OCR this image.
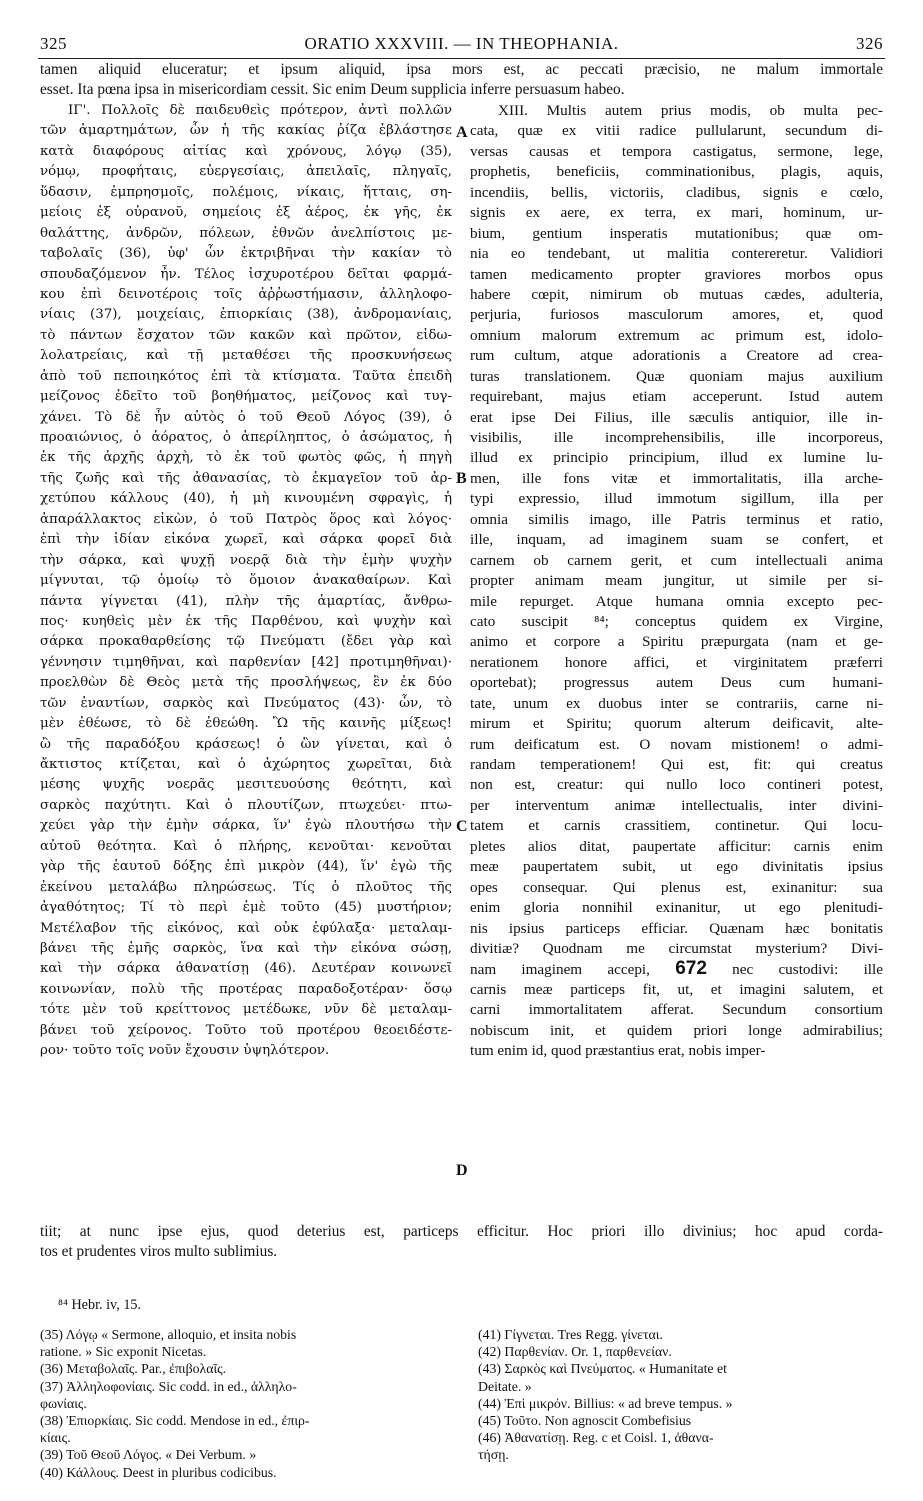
325	ORATIO XXXVIII. — IN THEOPHANIA.	326
tamen aliquid eluceratur; et ipsum aliquid, ipsa mors est, ac peccati præcisio, ne malum immortale
esset. Ita pœna ipsa in misericordiam cessit. Sic enim Deum supplicia inferre persuasum habeo.
ΙΓ'. Πολλοῖς δὲ παιδευθεὶς πρότερον, ἀντὶ πολλῶν
τῶν ἁμαρτημάτων, ὧν ἡ τῆς κακίας ῥίζα ἐβλάστησε
κατὰ διαφόρους αἰτίας καὶ χρόνους, λόγῳ (35),
νόμῳ, προφήταις, εὐεργεσίαις, ἀπειλαῖς, πληγαῖς,
ὕδασιν, ἐμπρησμοῖς, πολέμοις, νίκαις, ἥτταις, ση-
μείοις ἐξ οὐρανοῦ, σημείοις ἐξ ἀέρος, ἐκ γῆς, ἐκ
θαλάττης, ἀνδρῶν, πόλεων, ἐθνῶν ἀνελπίστοις με-
ταβολαῖς (36), ὑφ' ὧν ἐκτριβῆναι τὴν κακίαν τὸ
σπουδαζόμενον ἦν. Τέλος ἰσχυροτέρου δεῖται φαρμά-
κου ἐπὶ δεινοτέροις τοῖς ἀῤῥωστήμασιν, ἀλληλοφο-
νίαις (37), μοιχείαις, ἐπιορκίαις (38), ἀνδρομανίαις,
τὸ πάντων ἔσχατον τῶν κακῶν καὶ πρῶτον, εἰδω-
λολατρείαις, καὶ τῇ μεταθέσει τῆς προσκυνήσεως
ἀπὸ τοῦ πεποιηκότος ἐπὶ τὰ κτίσματα. Ταῦτα ἐπειδὴ
μείζονος ἐδεῖτο τοῦ βοηθήματος, μείζονος καὶ τυγ-
χάνει. Τὸ δὲ ἦν αὐτὸς ὁ τοῦ Θεοῦ Λόγος (39), ὁ
προαιώνιος, ὁ ἀόρατος, ὁ ἀπερίληπτος, ὁ ἀσώματος, ἡ
ἐκ τῆς ἀρχῆς ἀρχὴ, τὸ ἐκ τοῦ φωτὸς φῶς, ἡ πηγὴ
τῆς ζωῆς καὶ τῆς ἀθανασίας, τὸ ἐκμαγεῖον τοῦ ἀρ-
χετύπου κάλλους (40), ἡ μὴ κινουμένη σφραγὶς, ἡ
ἀπαράλλακτος εἰκὼν, ὁ τοῦ Πατρὸς ὅρος καὶ λόγος·
ἐπὶ τὴν ἰδίαν εἰκόνα χωρεῖ, καὶ σάρκα φορεῖ διὰ
τὴν σάρκα, καὶ ψυχῇ νοερᾷ διὰ τὴν ἐμὴν ψυχὴν
μίγνυται, τῷ ὁμοίῳ τὸ ὅμοιον ἀνακαθαίρων. Καὶ
πάντα γίγνεται (41), πλὴν τῆς ἁμαρτίας, ἄνθρω-
πος· κυηθεὶς μὲν ἐκ τῆς Παρθένου, καὶ ψυχὴν καὶ
σάρκα προκαθαρθείσης τῷ Πνεύματι (ἔδει γὰρ καὶ
γέννησιν τιμηθῆναι, καὶ παρθενίαν [42] προτιμηθῆναι)·
προελθὼν δὲ Θεὸς μετὰ τῆς προσλήψεως, ἓν ἐκ δύο
τῶν ἐναντίων, σαρκὸς καὶ Πνεύματος (43)· ὧν, τὸ
μὲν ἐθέωσε, τὸ δὲ ἐθεώθη. Ὢ τῆς καινῆς μίξεως!
ὢ τῆς παραδόξου κράσεως! ὁ ὢν γίνεται, καὶ ὁ
ἄκτιστος κτίζεται, καὶ ὁ ἀχώρητος χωρεῖται, διὰ
μέσης ψυχῆς νοερᾶς μεσιτευούσης θεότητι, καὶ
σαρκὸς παχύτητι. Καὶ ὁ πλουτίζων, πτωχεύει· πτω-
χεύει γὰρ τὴν ἐμὴν σάρκα, ἵν' ἐγὼ πλουτήσω τὴν
αὐτοῦ θεότητα. Καὶ ὁ πλήρης, κενοῦται· κενοῦται
γὰρ τῆς ἑαυτοῦ δόξης ἐπὶ μικρὸν (44), ἵν' ἐγὼ τῆς
ἐκείνου μεταλάβω πληρώσεως. Τίς ὁ πλοῦτος τῆς
ἀγαθότητος; Τί τὸ περὶ ἐμὲ τοῦτο (45) μυστήριον;
Μετέλαβον τῆς εἰκόνος, καὶ οὐκ ἐφύλαξα· μεταλαμ-
βάνει τῆς ἐμῆς σαρκὸς, ἵνα καὶ τὴν εἰκόνα σώσῃ,
καὶ τὴν σάρκα ἀθανατίσῃ (46). Δευτέραν κοινωνεῖ
κοινωνίαν, πολὺ τῆς προτέρας παραδοξοτέραν· ὅσῳ
τότε μὲν τοῦ κρείττονος μετέδωκε, νῦν δὲ μεταλαμ-
βάνει τοῦ χείρονος. Τοῦτο τοῦ προτέρου θεοειδέστε-
ρον· τοῦτο τοῖς νοῦν ἔχουσιν ὑψηλότερον.
XIII. Multis autem prius modis, ob multa pec-
cata, quæ ex vitii radice pullularunt, secundum di-
versas causas et tempora castigatus, sermone, lege,
prophetis, beneficiis, comminationibus, plagis, aquis,
incendiis, bellis, victoriis, cladibus, signis e cœlo,
signis ex aere, ex terra, ex mari, hominum, ur-
bium, gentium insperatis mutationibus; quæ om-
nia eo tendebant, ut malitia contereretur. Validiori
tamen medicamento propter graviores morbos opus
habere cœpit, nimirum ob mutuas cædes, adulteria,
perjuria, furiosos masculorum amores, et, quod
omnium malorum extremum ac primum est, idolo-
rum cultum, atque adorationis a Creatore ad crea-
turas translationem. Quæ quoniam majus auxilium
requirebant, majus etiam acceperunt. Istud autem
erat ipse Dei Filius, ille sæculis antiquior, ille in-
visibilis, ille incomprehensibilis, ille incorporeus,
illud ex principio principium, illud ex lumine lu-
men, ille fons vitæ et immortalitatis, illa arche-
typi expressio, illud immotum sigillum, illa per
omnia similis imago, ille Patris terminus et ratio,
ille, inquam, ad imaginem suam se confert, et
carnem ob carnem gerit, et cum intellectuali anima
propter animam meam jungitur, ut simile per si-
mile repurget. Atque humana omnia excepto pec-
cato suscipit ⁸⁴; conceptus quidem ex Virgine,
animo et corpore a Spiritu præpurgata (nam et ge-
nerationem honore affici, et virginitatem præferri
oportebat); progressus autem Deus cum humani-
tate, unum ex duobus inter se contrariis, carne ni-
mirum et Spiritu; quorum alterum deificavit, alte-
rum deificatum est. O novam mistionem! o admi-
randam temperationem! Qui est, fit: qui creatus
non est, creatur: qui nullo loco contineri potest,
per interventum animæ intellectualis, inter divini-
tatem et carnis crassitiem, continetur. Qui locu-
pletes alios ditat, paupertate afficitur: carnis enim
meæ paupertatem subit, ut ego divinitatis ipsius
opes consequar. Qui plenus est, exinanitur: sua
enim gloria nonnihil exinanitur, ut ego plenitudi-
nis ipsius particeps efficiar. Quænam hæc bonitatis
divitiæ? Quodnam me circumstat mysterium? Divi-
nam imaginem accepi, 672 nec custodivi: ille
carnis meæ particeps fit, ut, et imagini salutem, et
carni immortalitatem afferat. Secundum consortium
nobiscum init, et quidem priori longe admirabilius;
tum enim id, quod præstantius erat, nobis imper-
A
B
C
D
tiit; at nunc ipse ejus, quod deterius est, particeps efficitur. Hoc priori illo divinius; hoc apud corda-
tos et prudentes viros multo sublimius.
⁸⁴ Hebr. iv, 15.
(35) Λόγῳ « Sermone, alloquio, et insita nobis
ratione. » Sic exponit Nicetas.
(36) Μεταβολαῖς. Par., ἐπιβολαῖς.
(37) Ἀλληλοφονίαις. Sic codd. in ed., ἀλληλο-
φωνίαις.
(38) Ἐπιορκίαις. Sic codd. Mendose in ed., ἐπιρ-
κίαις.
(39) Τοῦ Θεοῦ Λόγος. « Dei Verbum. »
(40) Κάλλους. Deest in pluribus codicibus.
(41) Γίγνεται. Tres Regg. γίνεται.
(42) Παρθενίαν. Or. 1, παρθενείαν.
(43) Σαρκὸς καὶ Πνεύματος. « Humanitate et
Deitate. »
(44) Ἐπὶ μικρόν. Billius: « ad breve tempus. »
(45) Τοῦτο. Non agnoscit Combefisius
(46) Ἀθανατίσῃ. Reg. c et Coisl. 1, ἀθανα-
τήσῃ.
